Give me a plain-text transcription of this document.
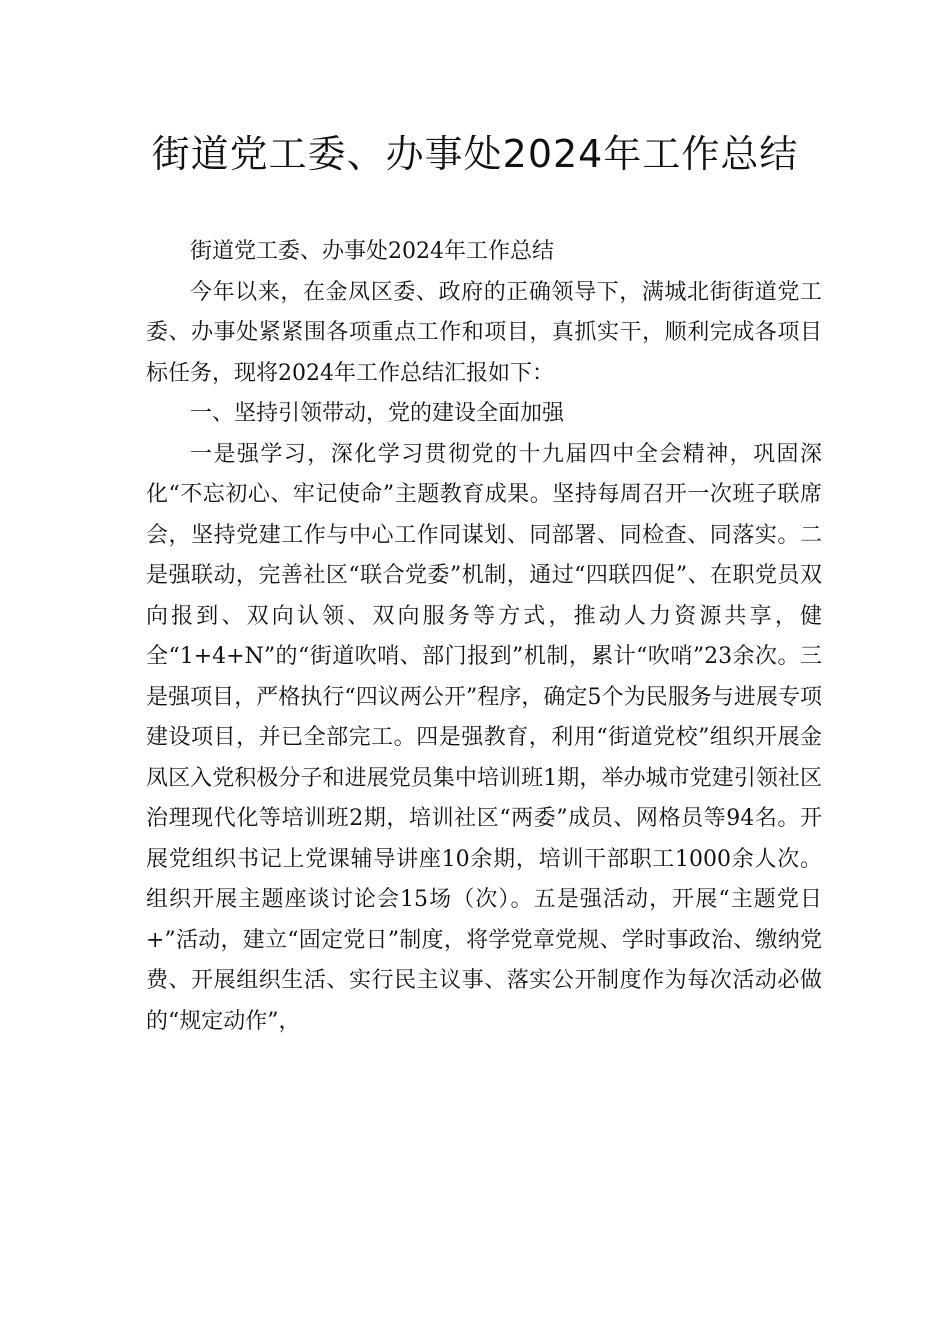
街道党工委、办事处2024年工作总结

街道党工委、办事处2024年工作总结

今年以来，在金凤区委、政府的正确领导下，满城北街街道党工委、办事处紧紧围各项重点工作和项目，真抓实干，顺利完成各项目标任务，现将2024年工作总结汇报如下：

一、坚持引领带动，党的建设全面加强

一是强学习，深化学习贯彻党的十九届四中全会精神，巩固深化“不忘初心、牢记使命”主题教育成果。坚持每周召开一次班子联席会，坚持党建工作与中心工作同谋划、同部署、同检查、同落实。二是强联动，完善社区“联合党委”机制，通过“四联四促”、在职党员双向报到、双向认领、双向服务等方式，推动人力资源共享，健全“1+4+N”的“街道吹哨、部门报到”机制，累计“吹哨”23余次。三是强项目，严格执行“四议两公开”程序，确定5个为民服务与进展专项建设项目，并已全部完工。四是强教育，利用“街道党校”组织开展金凤区入党积极分子和进展党员集中培训班1期，举办城市党建引领社区治理现代化等培训班2期，培训社区“两委”成员、网格员等94名。开展党组织书记上党课辅导讲座10余期，培训干部职工1000余人次。组织开展主题座谈讨论会15场（次）。五是强活动，开展“主题党日+”活动，建立“固定党日”制度，将学党章党规、学时事政治、缴纳党费、开展组织生活、实行民主议事、落实公开制度作为每次活动必做的“规定动作”，
